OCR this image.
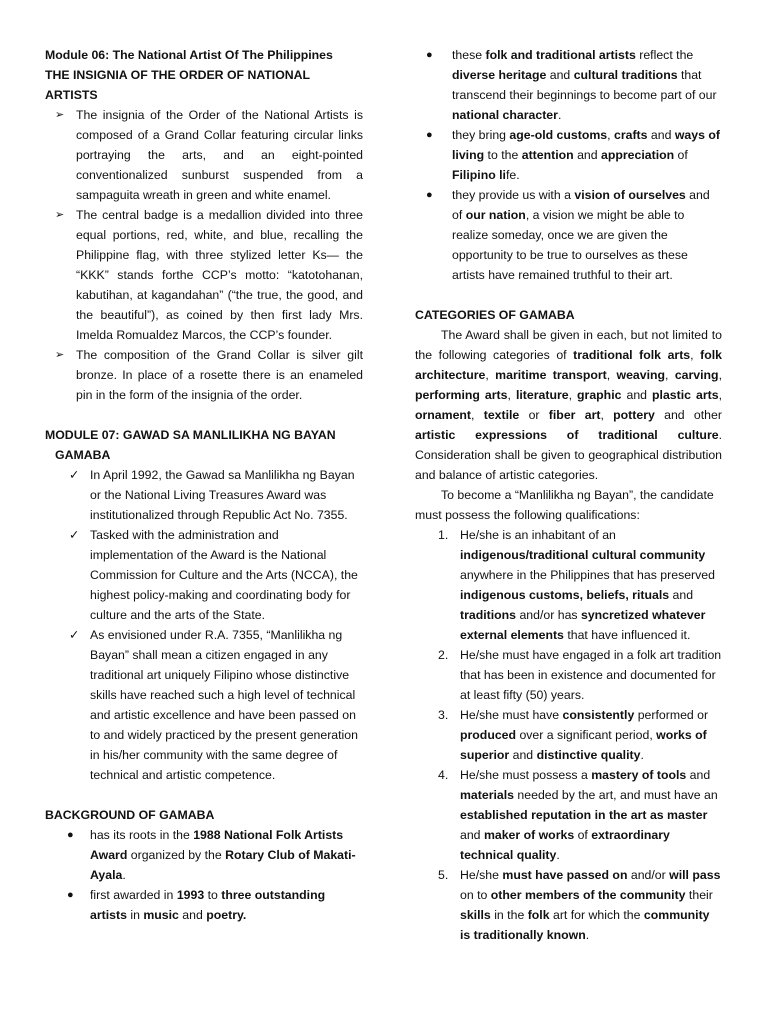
Module 06: The National Artist Of The Philippines

THE INSIGNIA OF THE ORDER OF NATIONAL ARTISTS

➢ The insignia of the Order of the National Artists is composed of a Grand Collar featuring circular links portraying the arts, and an eight-pointed conventionalized sunburst suspended from a sampaguita wreath in green and white enamel.
➢ The central badge is a medallion divided into three equal portions, red, white, and blue, recalling the Philippine flag, with three stylized letter Ks— the “KKK” stands forthe CCP’s motto: “katotohanan, kabutihan, at kagandahan” (“the true, the good, and the beautiful”), as coined by then first lady Mrs. Imelda Romualdez Marcos, the CCP’s founder.
➢ The composition of the Grand Collar is silver gilt bronze. In place of a rosette there is an enameled pin in the form of the insignia of the order.

MODULE 07: GAWAD SA MANLILIKHA NG BAYAN

GAMABA

✓ In April 1992, the Gawad sa Manlilikha ng Bayan or the National Living Treasures Award was institutionalized through Republic Act No. 7355.
✓ Tasked with the administration and implementation of the Award is the National Commission for Culture and the Arts (NCCA), the highest policy-making and coordinating body for culture and the arts of the State.
✓ As envisioned under R.A. 7355, “Manlilikha ng Bayan” shall mean a citizen engaged in any traditional art uniquely Filipino whose distinctive skills have reached such a high level of technical and artistic excellence and have been passed on to and widely practiced by the present generation in his/her community with the same degree of technical and artistic competence.

BACKGROUND OF GAMABA

● has its roots in the 1988 National Folk Artists Award organized by the Rotary Club of Makati-Ayala.
● first awarded in 1993 to three outstanding artists in music and poetry.
● these folk and traditional artists reflect the diverse heritage and cultural traditions that transcend their beginnings to become part of our national character.
● they bring age-old customs, crafts and ways of living to the attention and appreciation of Filipino life.
● they provide us with a vision of ourselves and of our nation, a vision we might be able to realize someday, once we are given the opportunity to be true to ourselves as these artists have remained truthful to their art.

CATEGORIES OF GAMABA

The Award shall be given in each, but not limited to the following categories of traditional folk arts, folk architecture, maritime transport, weaving, carving, performing arts, literature, graphic and plastic arts, ornament, textile or fiber art, pottery and other artistic expressions of traditional culture. Consideration shall be given to geographical distribution and balance of artistic categories.

To become a “Manlilikha ng Bayan”, the candidate must possess the following qualifications:

1. He/she is an inhabitant of an indigenous/traditional cultural community anywhere in the Philippines that has preserved indigenous customs, beliefs, rituals and traditions and/or has syncretized whatever external elements that have influenced it.
2. He/she must have engaged in a folk art tradition that has been in existence and documented for at least fifty (50) years.
3. He/she must have consistently performed or produced over a significant period, works of superior and distinctive quality.
4. He/she must possess a mastery of tools and materials needed by the art, and must have an established reputation in the art as master and maker of works of extraordinary technical quality.
5. He/she must have passed on and/or will pass on to other members of the community their skills in the folk art for which the community is traditionally known.
